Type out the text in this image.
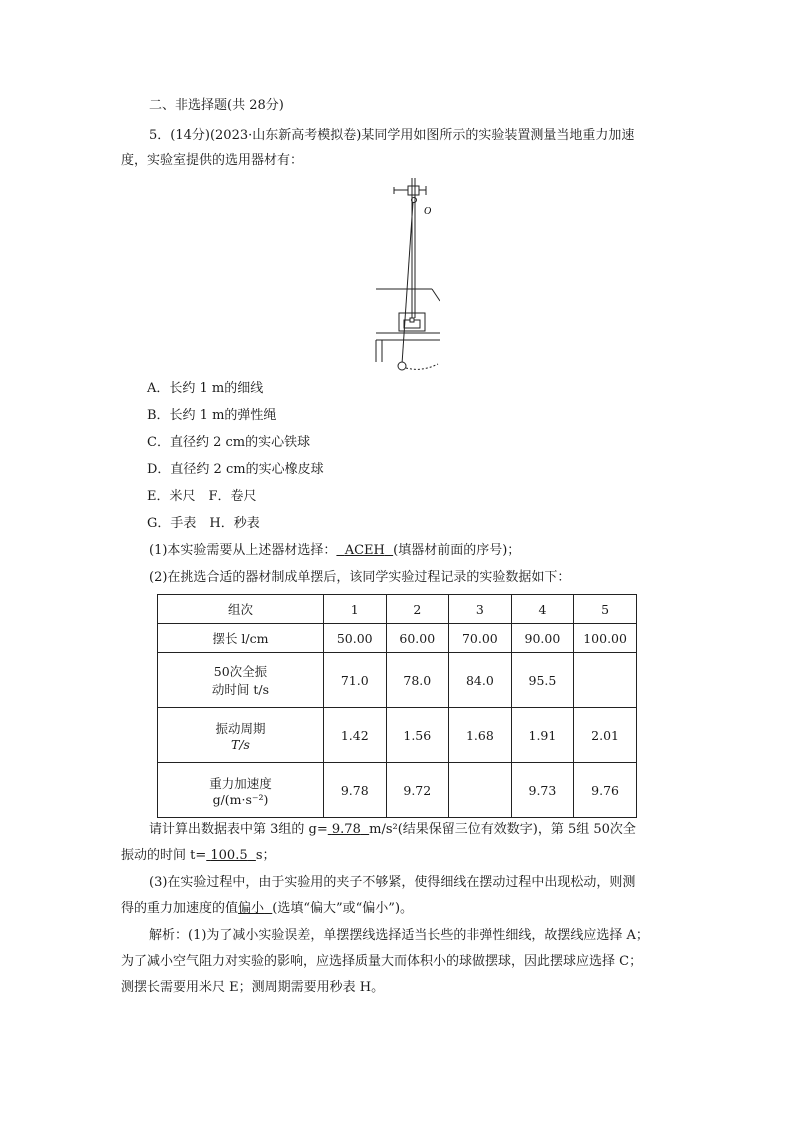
二、非选择题(共 28分)
5．(14分)(2023·山东新高考模拟卷)某同学用如图所示的实验装置测量当地重力加速
度，实验室提供的选用器材有：
O
A．长约 1 m的细线
B．长约 1 m的弹性绳
C．直径约 2 cm的实心铁球
D．直径约 2 cm的实心橡皮球
E．米尺　F．卷尺
G．手表　H．秒表
(1)本实验需要从上述器材选择： ACEH (填器材前面的序号)；
(2)在挑选合适的器材制成单摆后，该同学实验过程记录的实验数据如下：
组次	1	2	3	4	5
摆长 l/cm	50.00	60.00	70.00	90.00	100.00

50次全振
动时间 t/s	71.0	78.0	84.0	95.5	

振动周期
T/s	1.42	1.56	1.68	1.91	2.01

重力加速度
g/(m·s⁻²)	9.78	9.72		9.73	9.76
请计算出数据表中第 3组的 g= 9.78 m/s²(结果保留三位有效数字)，第 5组 50次全
振动的时间 t= 100.5 s；
(3)在实验过程中，由于实验用的夹子不够紧，使得细线在摆动过程中出现松动，则测
得的重力加速度的值偏小 (选填“偏大”或“偏小”)。
解析：(1)为了减小实验误差，单摆摆线选择适当长些的非弹性细线，故摆线应选择 A；
为了减小空气阻力对实验的影响，应选择质量大而体积小的球做摆球，因此摆球应选择 C；
测摆长需要用米尺 E；测周期需要用秒表 H。
